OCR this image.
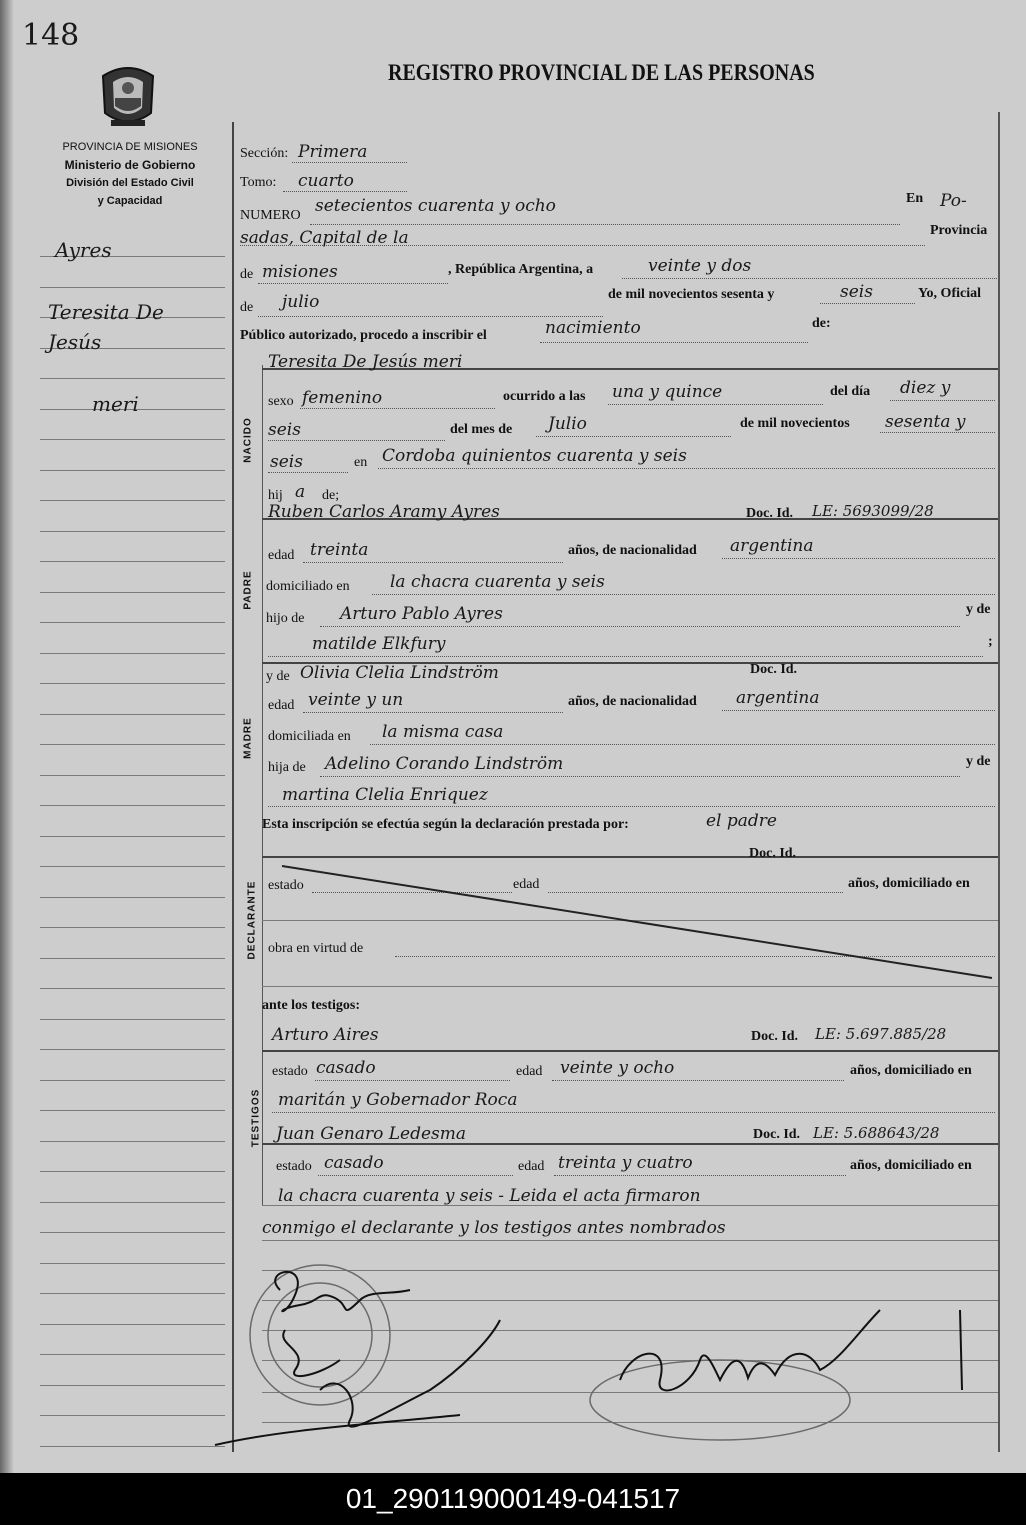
148
REGISTRO PROVINCIAL DE LAS PERSONAS
PROVINCIA DE MISIONES
Ministerio de Gobierno
División del Estado Civil
y Capacidad
Ayres
Teresita De
Jesús
meri
NACIDO
PADRE
MADRE
DECLARANTE
TESTIGOS
Sección: Primera
Tomo: cuarto
NUMERO setecientos cuarenta y ocho	En Po-
sadas, Capital de la	Provincia
de misiones	, República Argentina, a	veinte y dos
de julio	de mil novecientos sesenta y	seis	Yo, Oficial
Público autorizado, procedo a inscribir el	nacimiento	de:
Teresita De Jesús meri
sexo femenino	ocurrido a las una y quince	del día diez y
seis	del mes de Julio	de mil novecientos sesenta y
seis	en Cordoba quinientos cuarenta y seis
hij a de;
Ruben Carlos Aramy Ayres	Doc. Id. LE: 5693099/28
edad treinta	años, de nacionalidad argentina
domiciliado en la chacra cuarenta y seis
hijo de Arturo Pablo Ayres	y de
matilde Elkfury	;
y de Olivia Clelia Lindström	Doc. Id.
edad veinte y un	años, de nacionalidad argentina
domiciliada en la misma casa
hija de Adelino Corando Lindström	y de
martina Clelia Enriquez
Esta inscripción se efectúa según la declaración prestada por:	el padre
Doc. Id.
estado	edad	años, domiciliado en
obra en virtud de
ante los testigos:
Arturo Aires	Doc. Id. LE: 5.697.885/28
estado casado	edad veinte y ocho	años, domiciliado en
maritán y Gobernador Roca
Juan Genaro Ledesma	Doc. Id. LE: 5.688643/28
estado casado	edad treinta y cuatro	años, domiciliado en
la chacra cuarenta y seis - Leida el acta firmaron
conmigo el declarante y los testigos antes nombrados
01_290119000149-041517
